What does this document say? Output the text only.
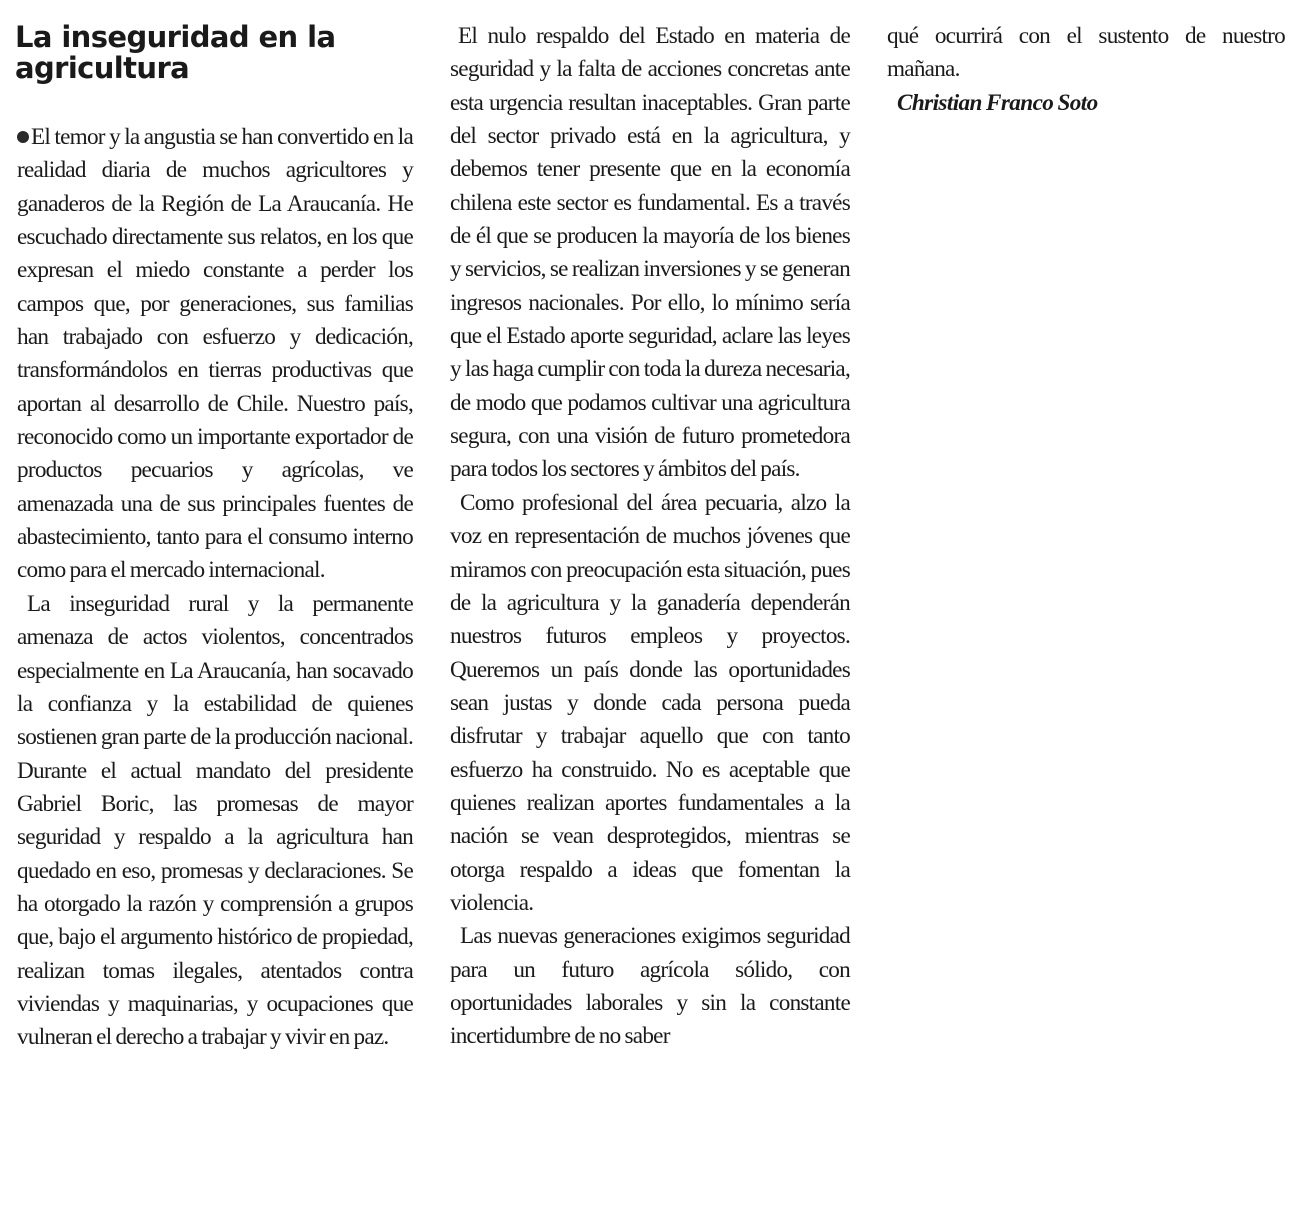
La inseguridad en la agricultura

El temor y la angustia se han convertido en la realidad diaria de muchos agricultores y ganaderos de la Región de La Araucanía. He escuchado directamente sus relatos, en los que expresan el miedo constante a perder los campos que, por generaciones, sus familias han trabajado con esfuerzo y dedicación, transformándolos en tierras productivas que aportan al desarrollo de Chile. Nuestro país, reconocido como un importante exportador de productos pecuarios y agrícolas, ve amenazada una de sus principales fuentes de abastecimiento, tanto para el consumo interno como para el mercado internacional.

La inseguridad rural y la permanente amenaza de actos violentos, concentrados especialmente en La Araucanía, han socavado la confianza y la estabilidad de quienes sostienen gran parte de la producción nacional. Durante el actual mandato del presidente Gabriel Boric, las promesas de mayor seguridad y respaldo a la agricultura han quedado en eso, promesas y declaraciones. Se ha otorgado la razón y comprensión a grupos que, bajo el argumento histórico de propiedad, realizan tomas ilegales, atentados contra viviendas y maquinarias, y ocupaciones que vulneran el derecho a trabajar y vivir en paz.

El nulo respaldo del Estado en materia de seguridad y la falta de acciones concretas ante esta urgencia resultan inaceptables. Gran parte del sector privado está en la agricultura, y debemos tener presente que en la economía chilena este sector es fundamental. Es a través de él que se producen la mayoría de los bienes y servicios, se realizan inversiones y se generan ingresos nacionales. Por ello, lo mínimo sería que el Estado aporte seguridad, aclare las leyes y las haga cumplir con toda la dureza necesaria, de modo que podamos cultivar una agricultura segura, con una visión de futuro prometedora para todos los sectores y ámbitos del país.

Como profesional del área pecuaria, alzo la voz en representación de muchos jóvenes que miramos con preocupación esta situación, pues de la agricultura y la ganadería dependerán nuestros futuros empleos y proyectos. Queremos un país donde las oportunidades sean justas y donde cada persona pueda disfrutar y trabajar aquello que con tanto esfuerzo ha construido. No es aceptable que quienes realizan aportes fundamentales a la nación se vean desprotegidos, mientras se otorga respaldo a ideas que fomentan la violencia.

Las nuevas generaciones exigimos seguridad para un futuro agrícola sólido, con oportunidades laborales y sin la constante incertidumbre de no saber

qué ocurrirá con el sustento de nuestro mañana.

Christian Franco Soto
